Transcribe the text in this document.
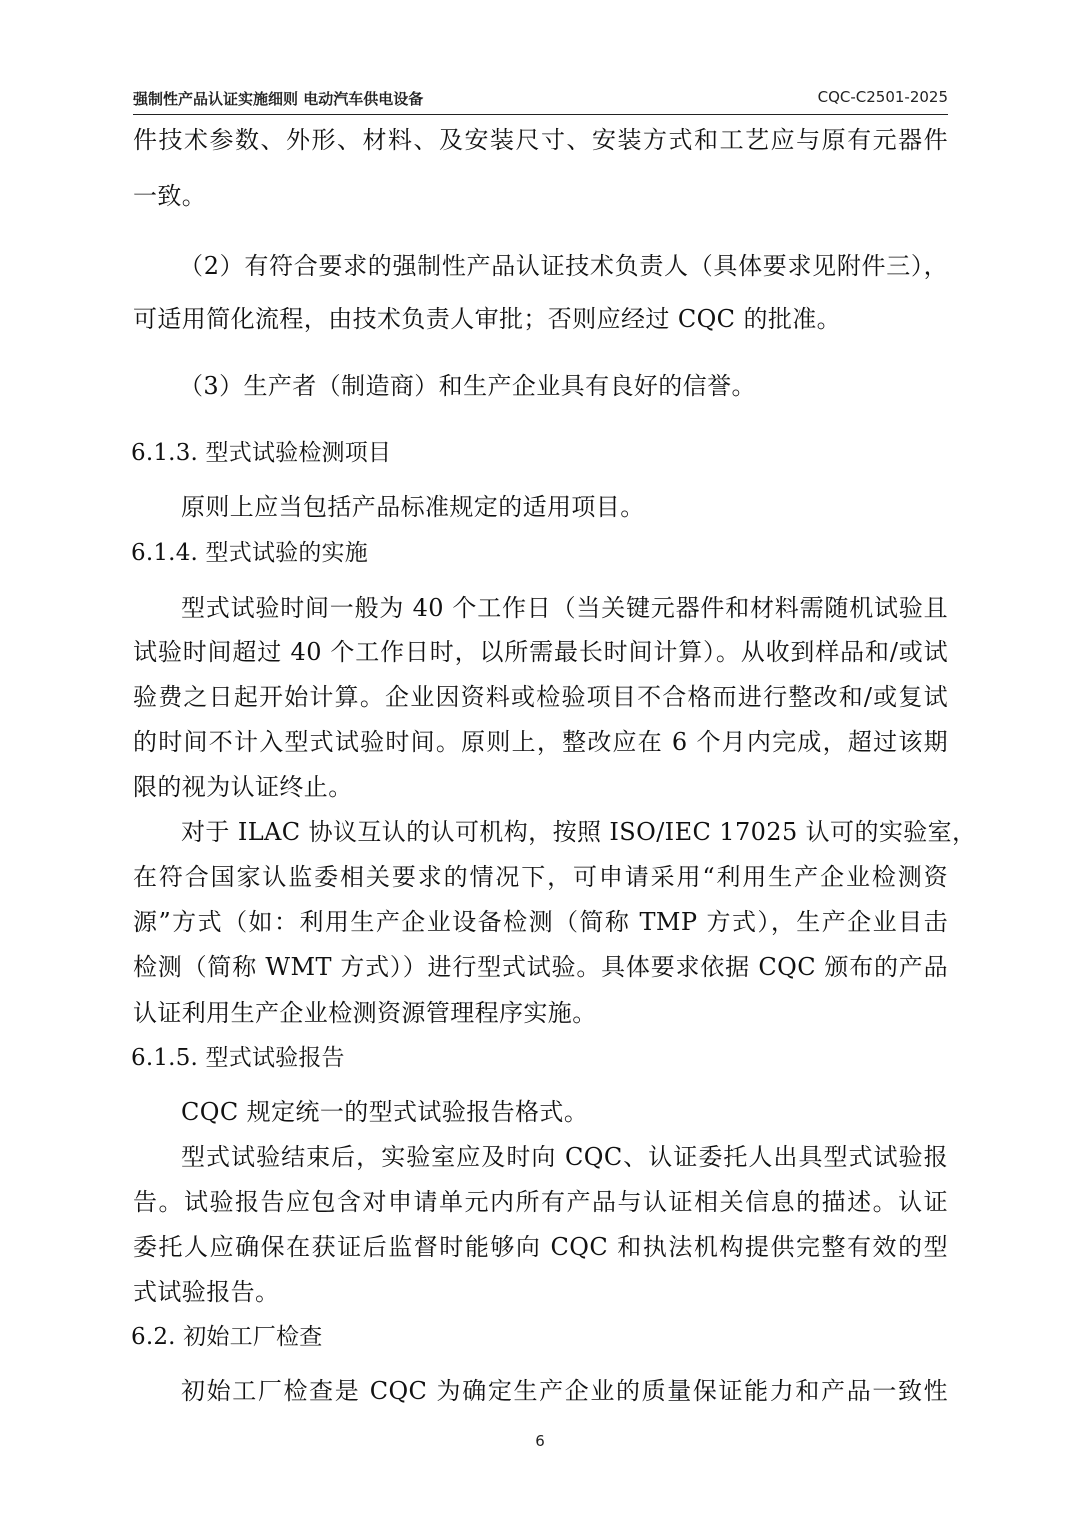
强制性产品认证实施细则 电动汽车供电设备	CQC-C2501-2025
件技术参数、外形、材料、及安装尺寸、安装方式和工艺应与原有元器件
一致。
（2）有符合要求的强制性产品认证技术负责人（具体要求见附件三），
可适用简化流程，由技术负责人审批；否则应经过 CQC 的批准。
（3）生产者（制造商）和生产企业具有良好的信誉。
6.1.3. 型式试验检测项目
原则上应当包括产品标准规定的适用项目。
6.1.4. 型式试验的实施
型式试验时间一般为 40 个工作日（当关键元器件和材料需随机试验且
试验时间超过 40 个工作日时，以所需最长时间计算）。从收到样品和/或试
验费之日起开始计算。企业因资料或检验项目不合格而进行整改和/或复试
的时间不计入型式试验时间。原则上，整改应在 6 个月内完成，超过该期
限的视为认证终止。
对于 ILAC 协议互认的认可机构，按照 ISO/IEC 17025 认可的实验室，
在符合国家认监委相关要求的情况下，可申请采用“利用生产企业检测资
源”方式（如：利用生产企业设备检测（简称 TMP 方式），生产企业目击
检测（简称 WMT 方式））进行型式试验。具体要求依据 CQC 颁布的产品
认证利用生产企业检测资源管理程序实施。
6.1.5. 型式试验报告
CQC 规定统一的型式试验报告格式。
型式试验结束后，实验室应及时向 CQC、认证委托人出具型式试验报
告。试验报告应包含对申请单元内所有产品与认证相关信息的描述。认证
委托人应确保在获证后监督时能够向 CQC 和执法机构提供完整有效的型
式试验报告。
6.2. 初始工厂检查
初始工厂检查是 CQC 为确定生产企业的质量保证能力和产品一致性
6
